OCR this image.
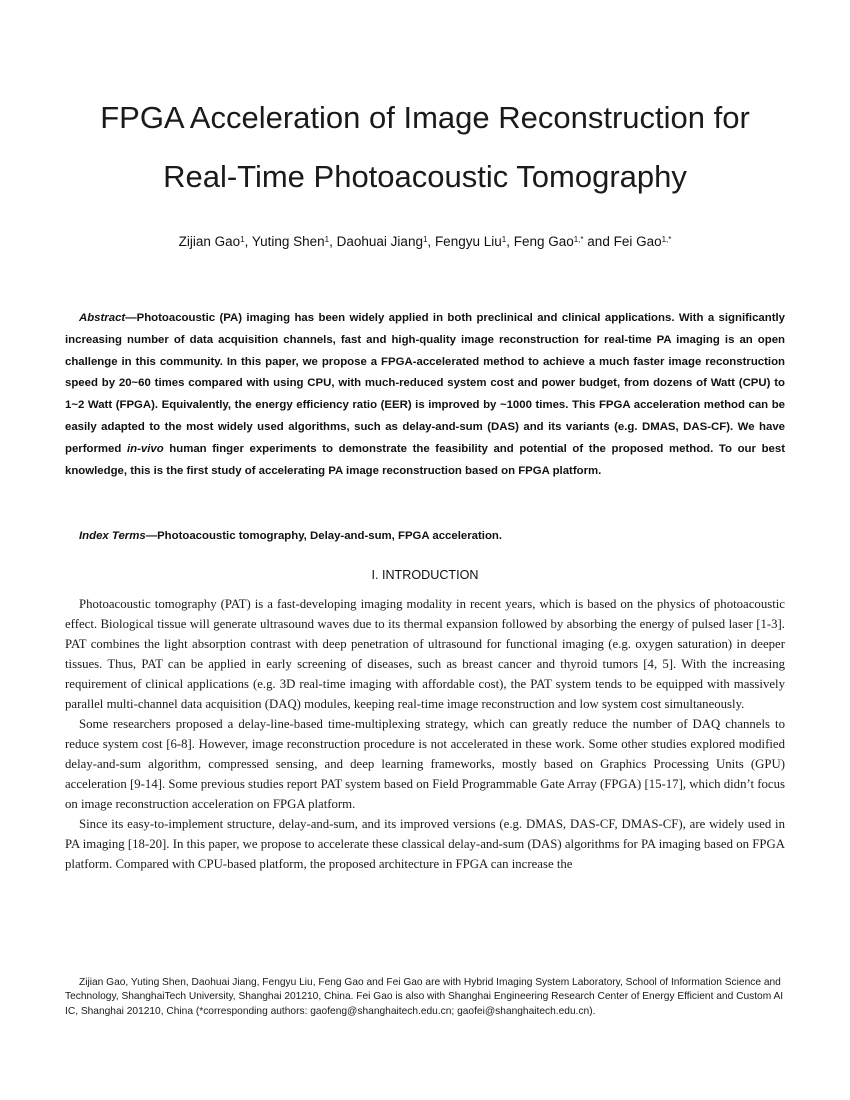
FPGA Acceleration of Image Reconstruction for
Real-Time Photoacoustic Tomography

Zijian Gao$^1$, Yuting Shen$^1$, Daohuai Jiang$^1$, Fengyu Liu$^1$, Feng Gao$^{1,*}$ and Fei Gao$^{1,*}$

Abstract—Photoacoustic (PA) imaging has been widely applied in both preclinical and clinical applications. With a significantly increasing number of data acquisition channels, fast and high-quality image reconstruction for real-time PA imaging is an open challenge in this community. In this paper, we propose a FPGA-accelerated method to achieve a much faster image reconstruction speed by 20~60 times compared with using CPU, with much-reduced system cost and power budget, from dozens of Watt (CPU) to 1~2 Watt (FPGA). Equivalently, the energy efficiency ratio (EER) is improved by ~1000 times. This FPGA acceleration method can be easily adapted to the most widely used algorithms, such as delay-and-sum (DAS) and its variants (e.g. DMAS, DAS-CF). We have performed in-vivo human finger experiments to demonstrate the feasibility and potential of the proposed method. To our best knowledge, this is the first study of accelerating PA image reconstruction based on FPGA platform.

Index Terms—Photoacoustic tomography, Delay-and-sum, FPGA acceleration.

I. INTRODUCTION

Photoacoustic tomography (PAT) is a fast-developing imaging modality in recent years, which is based on the physics of photoacoustic effect. Biological tissue will generate ultrasound waves due to its thermal expansion followed by absorbing the energy of pulsed laser [1-3]. PAT combines the light absorption contrast with deep penetration of ultrasound for functional imaging (e.g. oxygen saturation) in deeper tissues. Thus, PAT can be applied in early screening of diseases, such as breast cancer and thyroid tumors [4, 5]. With the increasing requirement of clinical applications (e.g. 3D real-time imaging with affordable cost), the PAT system tends to be equipped with massively parallel multi-channel data acquisition (DAQ) modules, keeping real-time image reconstruction and low system cost simultaneously.

Some researchers proposed a delay-line-based time-multiplexing strategy, which can greatly reduce the number of DAQ channels to reduce system cost [6-8]. However, image reconstruction procedure is not accelerated in these work. Some other studies explored modified delay-and-sum algorithm, compressed sensing, and deep learning frameworks, mostly based on Graphics Processing Units (GPU) acceleration [9-14]. Some previous studies report PAT system based on Field Programmable Gate Array (FPGA) [15-17], which didn’t focus on image reconstruction acceleration on FPGA platform.

Since its easy-to-implement structure, delay-and-sum, and its improved versions (e.g. DMAS, DAS-CF, DMAS-CF), are widely used in PA imaging [18-20]. In this paper, we propose to accelerate these classical delay-and-sum (DAS) algorithms for PA imaging based on FPGA platform. Compared with CPU-based platform, the proposed architecture in FPGA can increase the

Zijian Gao, Yuting Shen, Daohuai Jiang, Fengyu Liu, Feng Gao and Fei Gao are with Hybrid Imaging System Laboratory, School of Information Science and Technology, ShanghaiTech University, Shanghai 201210, China. Fei Gao is also with Shanghai Engineering Research Center of Energy Efficient and Custom AI IC, Shanghai 201210, China (*corresponding authors: gaofeng@shanghaitech.edu.cn; gaofei@shanghaitech.edu.cn).
